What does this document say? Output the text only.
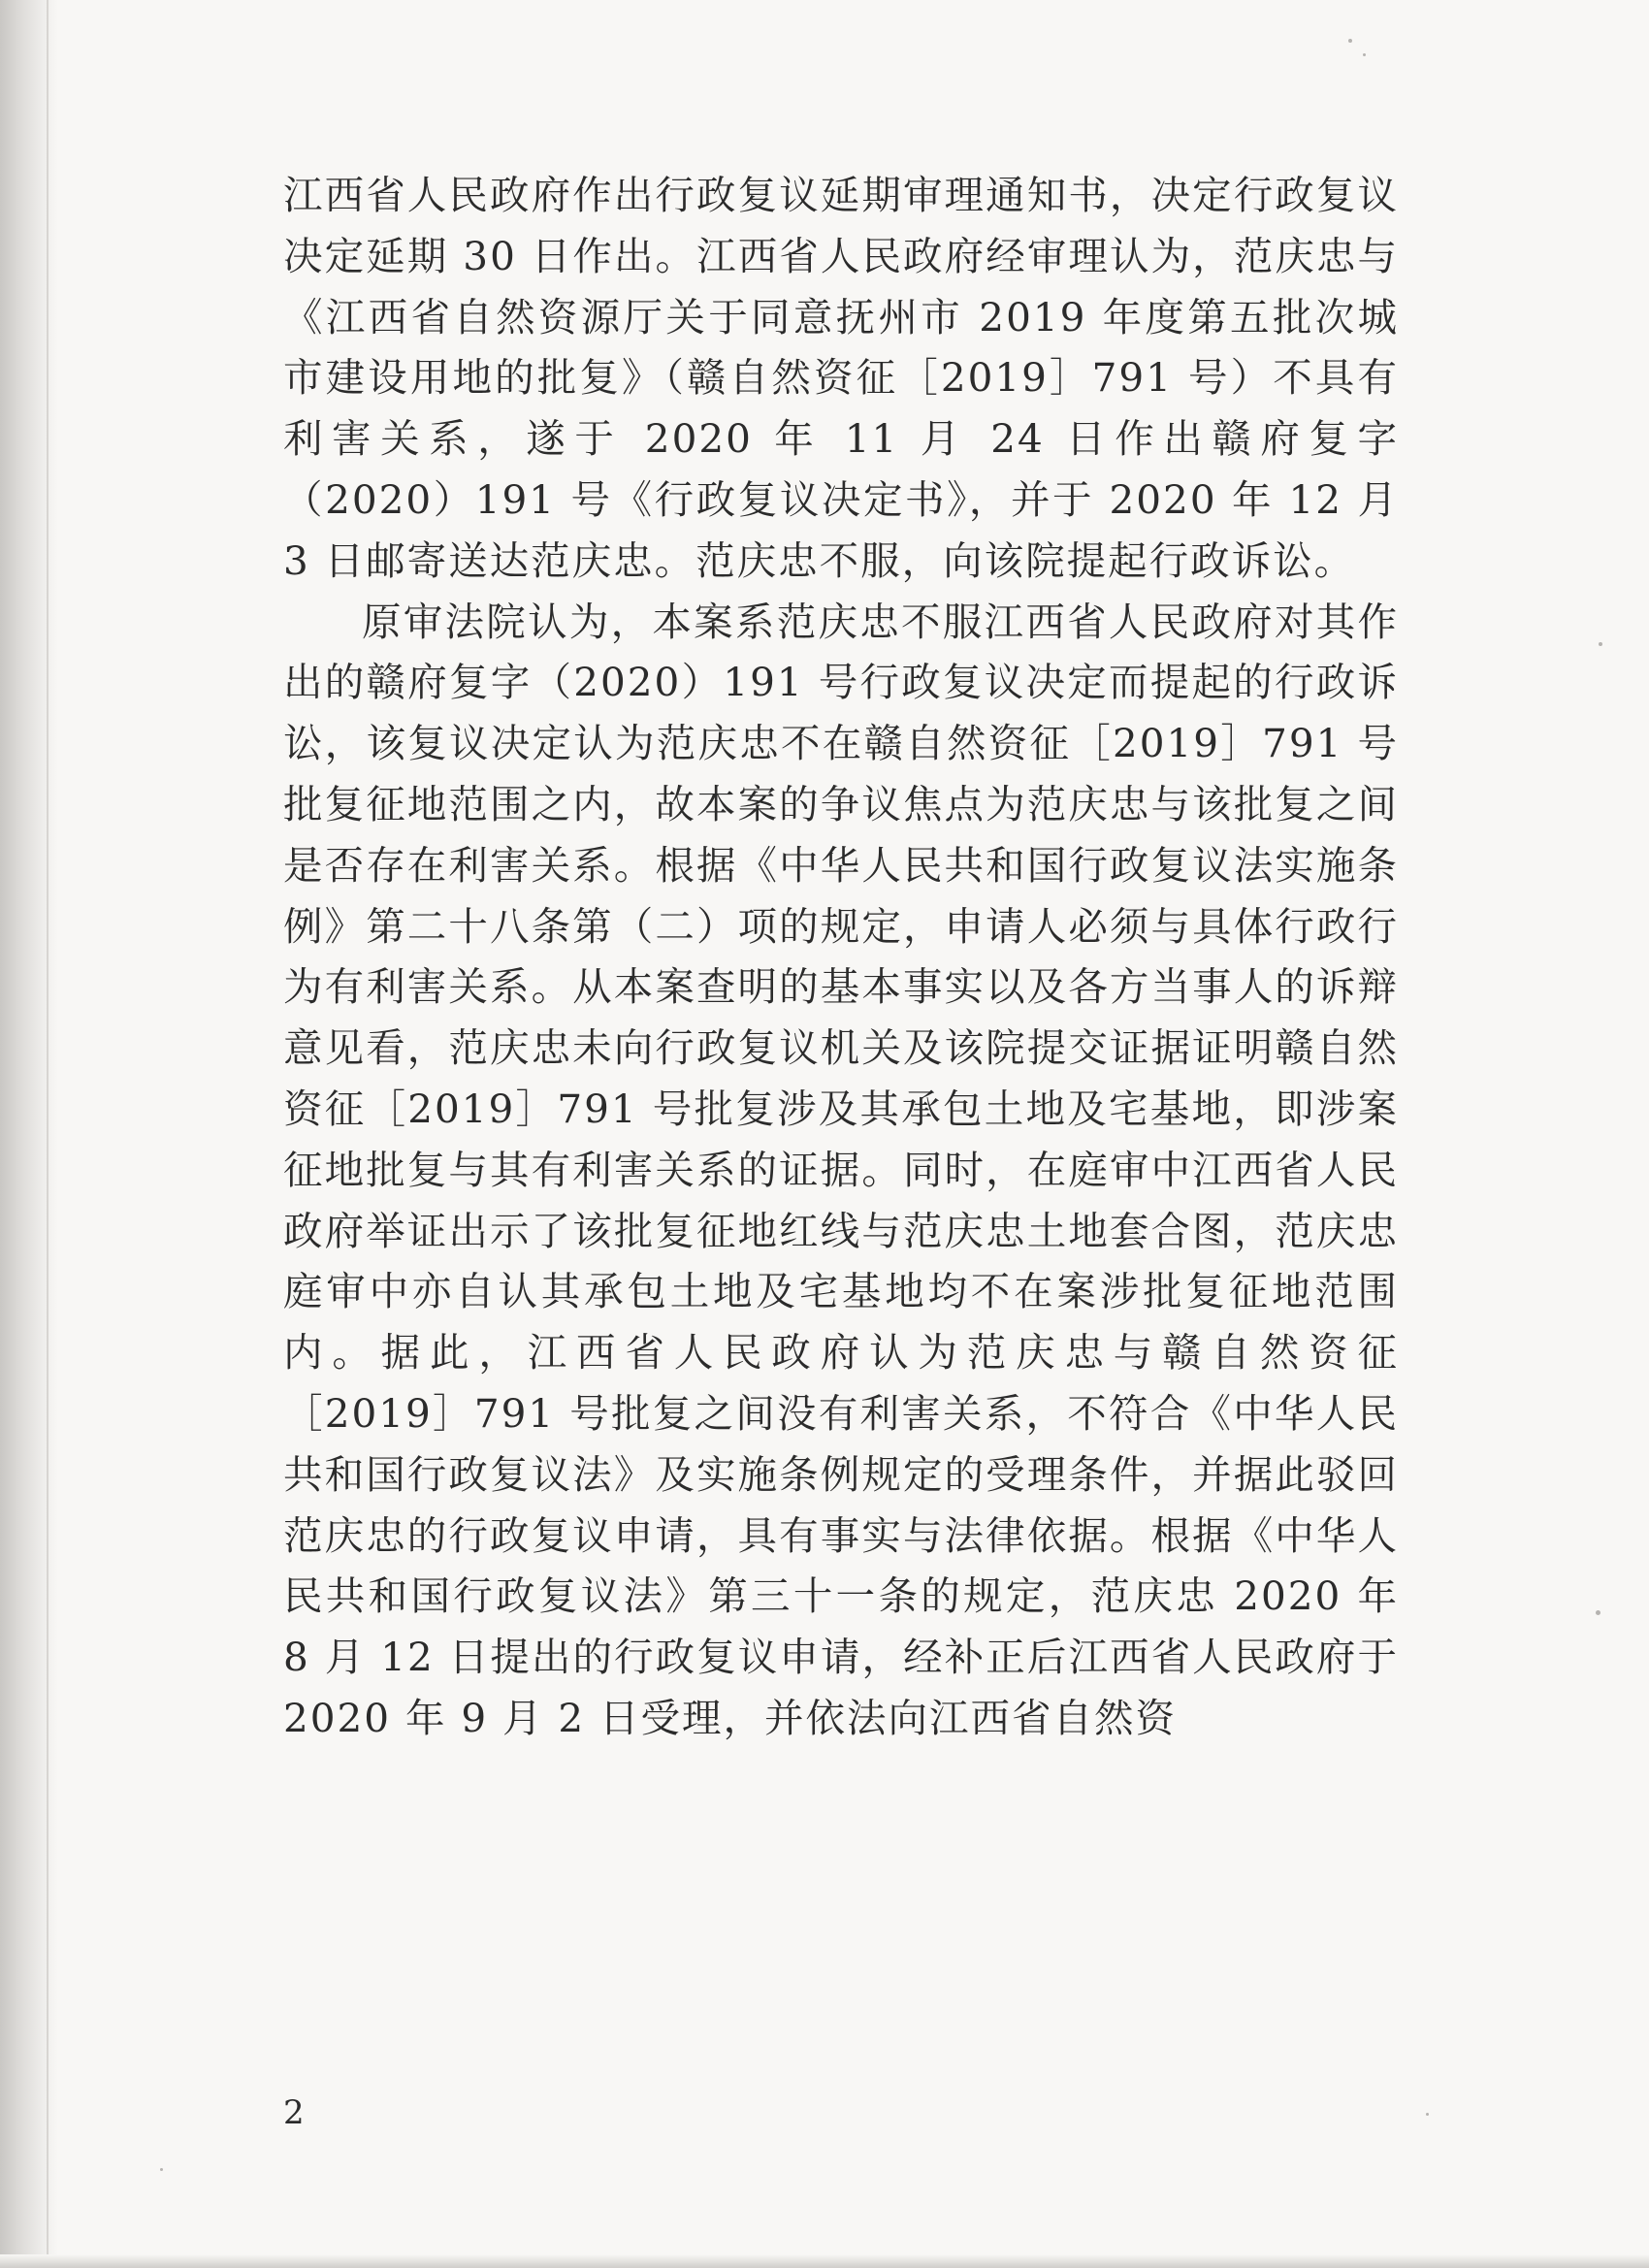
江西省人民政府作出行政复议延期审理通知书，决定行政复议决定延期 30 日作出。江西省人民政府经审理认为，范庆忠与《江西省自然资源厅关于同意抚州市 2019 年度第五批次城市建设用地的批复》（赣自然资征［2019］791 号）不具有利害关系，遂于 2020 年 11 月 24 日作出赣府复字（2020）191 号《行政复议决定书》，并于 2020 年 12 月 3 日邮寄送达范庆忠。范庆忠不服，向该院提起行政诉讼。

原审法院认为，本案系范庆忠不服江西省人民政府对其作出的赣府复字（2020）191 号行政复议决定而提起的行政诉讼，该复议决定认为范庆忠不在赣自然资征［2019］791 号批复征地范围之内，故本案的争议焦点为范庆忠与该批复之间是否存在利害关系。根据《中华人民共和国行政复议法实施条例》第二十八条第（二）项的规定，申请人必须与具体行政行为有利害关系。从本案查明的基本事实以及各方当事人的诉辩意见看，范庆忠未向行政复议机关及该院提交证据证明赣自然资征［2019］791 号批复涉及其承包土地及宅基地，即涉案征地批复与其有利害关系的证据。同时，在庭审中江西省人民政府举证出示了该批复征地红线与范庆忠土地套合图，范庆忠庭审中亦自认其承包土地及宅基地均不在案涉批复征地范围内。据此，江西省人民政府认为范庆忠与赣自然资征［2019］791 号批复之间没有利害关系，不符合《中华人民共和国行政复议法》及实施条例规定的受理条件，并据此驳回范庆忠的行政复议申请，具有事实与法律依据。根据《中华人民共和国行政复议法》第三十一条的规定，范庆忠 2020 年 8 月 12 日提出的行政复议申请，经补正后江西省人民政府于 2020 年 9 月 2 日受理，并依法向江西省自然资

2
